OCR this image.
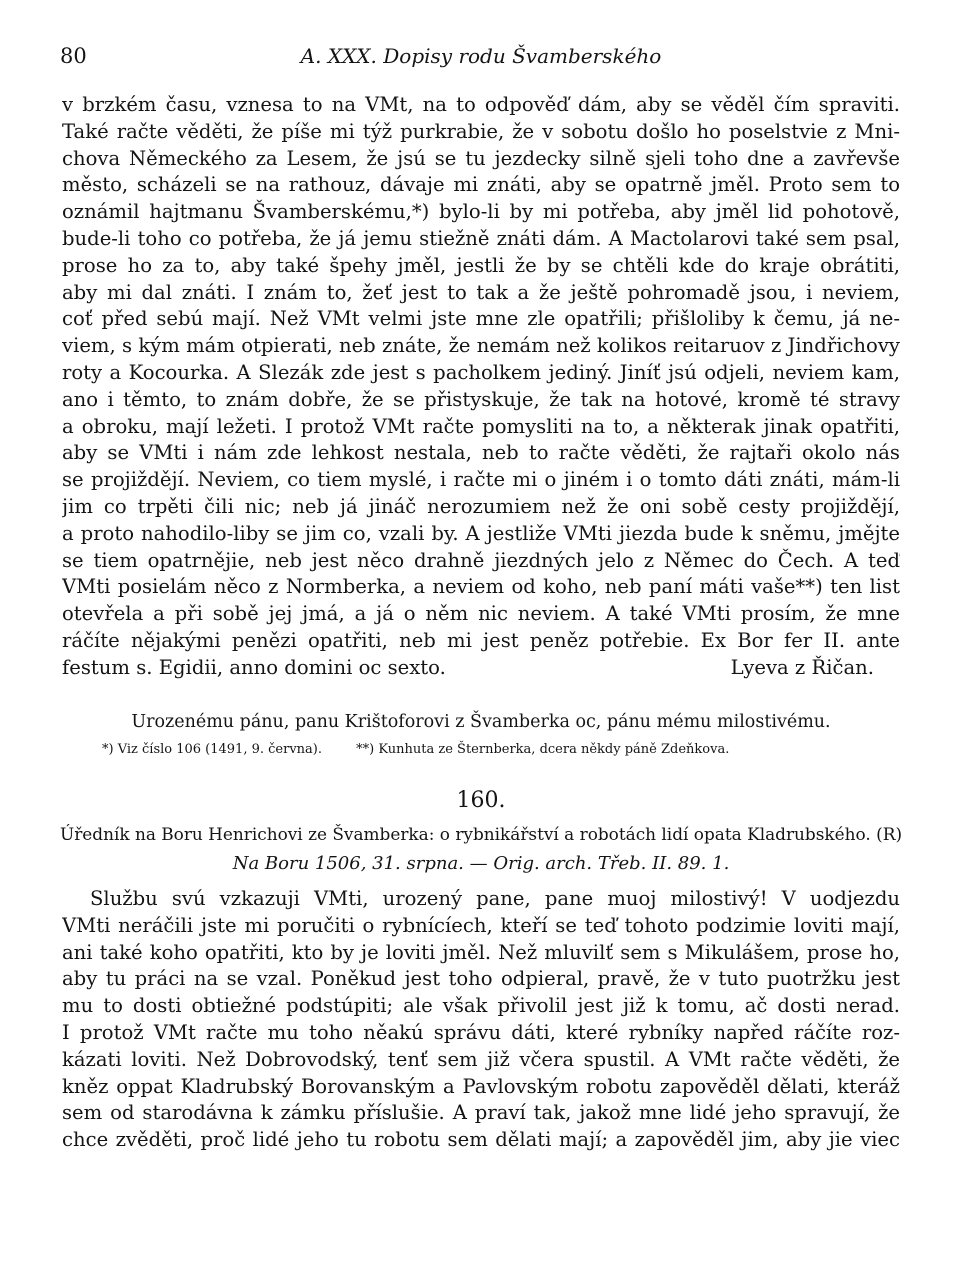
80	A. XXX. Dopisy rodu Švamberského
v brzkém času, vznesa to na VMt, na to odpověď dám, aby se věděl čím spraviti.
Také račte věděti, že píše mi týž purkrabie, že v sobotu došlo ho poselstvie z Mni-
chova Německého za Lesem, že jsú se tu jezdecky silně sjeli toho dne a zavřevše
město, scházeli se na rathouz, dávaje mi znáti, aby se opatrně jměl. Proto sem to
oznámil hajtmanu Švamberskému,*) bylo-li by mi potřeba, aby jměl lid pohotově,
bude-li toho co potřeba, že já jemu stiežně znáti dám. A Mactolarovi také sem psal,
prose ho za to, aby také špehy jměl, jestli že by se chtěli kde do kraje obrátiti,
aby mi dal znáti. I znám to, žeť jest to tak a že ještě pohromadě jsou, i neviem,
coť před sebú mají. Než VMt velmi jste mne zle opatřili; přišloliby k čemu, já ne-
viem, s kým mám otpierati, neb znáte, že nemám než kolikos reitaruov z Jindřichovy
roty a Kocourka. A Slezák zde jest s pacholkem jediný. Jiníť jsú odjeli, neviem kam,
ano i těmto, to znám dobře, že se přistyskuje, že tak na hotové, kromě té stravy
a obroku, mají ležeti. I protož VMt račte pomysliti na to, a některak jinak opatřiti,
aby se VMti i nám zde lehkost nestala, neb to račte věděti, že rajtaři okolo nás
se projiždějí. Neviem, co tiem myslé, i račte mi o jiném i o tomto dáti znáti, mám-li
jim co trpěti čili nic; neb já jináč nerozumiem než že oni sobě cesty projiždějí,
a proto nahodilo-liby se jim co, vzali by. A jestliže VMti jiezda bude k sněmu, jmějte
se tiem opatrnějie, neb jest něco drahně jiezdných jelo z Němec do Čech. A teď
VMti posielám něco z Normberka, a neviem od koho, neb paní máti vaše**) ten list
otevřela a při sobě jej jmá, a já o něm nic neviem. A také VMti prosím, že mne
ráčíte nějakými penězi opatřiti, neb mi jest peněz potřebie. Ex Bor fer II. ante
festum s. Egidii, anno domini oc sexto.	Lyeva z Řičan.
Urozenému pánu, panu Krištoforovi z Švamberka oc, pánu mému milostivému.
*) Viz číslo 106 (1491, 9. června).	**) Kunhuta ze Šternberka, dcera někdy páně Zdeňkova.
160.
Úředník na Boru Henrichovi ze Švamberka: o rybnikářství a robotách lidí opata Kladrubského. (R)
Na Boru 1506, 31. srpna. — Orig. arch. Třeb. II. 89. 1.
Službu svú vzkazuji VMti, urozený pane, pane muoj milostivý! V uodjezdu
VMti neráčili jste mi poručiti o rybnícíech, kteří se teď tohoto podzimie loviti mají,
ani také koho opatřiti, kto by je loviti jměl. Než mluvilť sem s Mikulášem, prose ho,
aby tu práci na se vzal. Poněkud jest toho odpieral, pravě, že v tuto puotržku jest
mu to dosti obtiežné podstúpiti; ale však přivolil jest již k tomu, ač dosti nerad.
I protož VMt račte mu toho něakú správu dáti, které rybníky napřed ráčíte roz-
kázati loviti. Než Dobrovodský, tenť sem již včera spustil. A VMt račte věděti, že
kněz oppat Kladrubský Borovanským a Pavlovským robotu zapověděl dělati, kteráž
sem od starodávna k zámku příslušie. A praví tak, jakož mne lidé jeho spravují, že
chce zvěděti, proč lidé jeho tu robotu sem dělati mají; a zapověděl jim, aby jie viec
